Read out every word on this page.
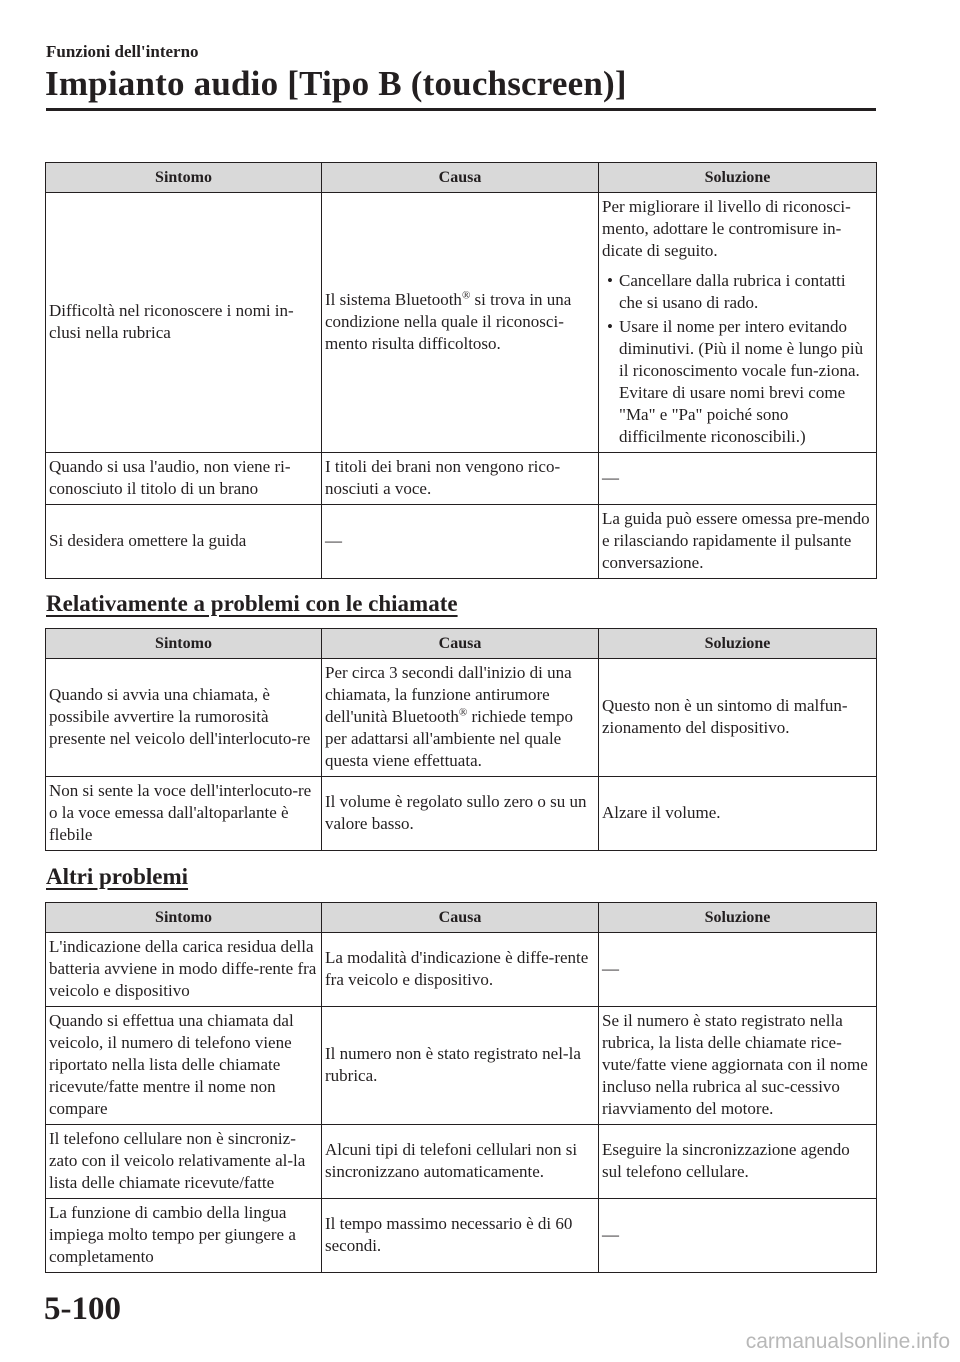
Funzioni dell'interno
Impianto audio [Tipo B (touchscreen)]
Sintomo	Causa	Soluzione
Difficoltà nel riconoscere i nomi in-clusi nella rubrica	Il sistema Bluetooth® si trova in una condizione nella quale il riconosci-mento risulta difficoltoso.	Per migliorare il livello di riconosci-mento, adottare le contromisure in-dicate di seguito.
• Cancellare dalla rubrica i contatti che si usano di rado.
• Usare il nome per intero evitando diminutivi. (Più il nome è lungo più il riconoscimento vocale fun-ziona. Evitare di usare nomi brevi come "Ma" e "Pa" poiché sono difficilmente riconoscibili.)

Quando si usa l'audio, non viene ri-conosciuto il titolo di un brano	I titoli dei brani non vengono rico-nosciuti a voce.	—
Si desidera omettere la guida	—	La guida può essere omessa pre-mendo e rilasciando rapidamente il pulsante conversazione.
Relativamente a problemi con le chiamate
Sintomo	Causa	Soluzione
Quando si avvia una chiamata, è possibile avvertire la rumorosità presente nel veicolo dell'interlocuto-re	Per circa 3 secondi dall'inizio di una chiamata, la funzione antirumore dell'unità Bluetooth® richiede tempo per adattarsi all'ambiente nel quale questa viene effettuata.	Questo non è un sintomo di malfun-zionamento del dispositivo.
Non si sente la voce dell'interlocuto-re o la voce emessa dall'altoparlante è flebile	Il volume è regolato sullo zero o su un valore basso.	Alzare il volume.
Altri problemi
Sintomo	Causa	Soluzione
L'indicazione della carica residua della batteria avviene in modo diffe-rente fra veicolo e dispositivo	La modalità d'indicazione è diffe-rente fra veicolo e dispositivo.	—
Quando si effettua una chiamata dal veicolo, il numero di telefono viene riportato nella lista delle chiamate ricevute/fatte mentre il nome non compare	Il numero non è stato registrato nel-la rubrica.	Se il numero è stato registrato nella rubrica, la lista delle chiamate rice-vute/fatte viene aggiornata con il nome incluso nella rubrica al suc-cessivo riavviamento del motore.
Il telefono cellulare non è sincroniz-zato con il veicolo relativamente al-la lista delle chiamate ricevute/fatte	Alcuni tipi di telefoni cellulari non si sincronizzano automaticamente.	Eseguire la sincronizzazione agendo sul telefono cellulare.
La funzione di cambio della lingua impiega molto tempo per giungere a completamento	Il tempo massimo necessario è di 60 secondi.	—
5-100
carmanualsonline.info
